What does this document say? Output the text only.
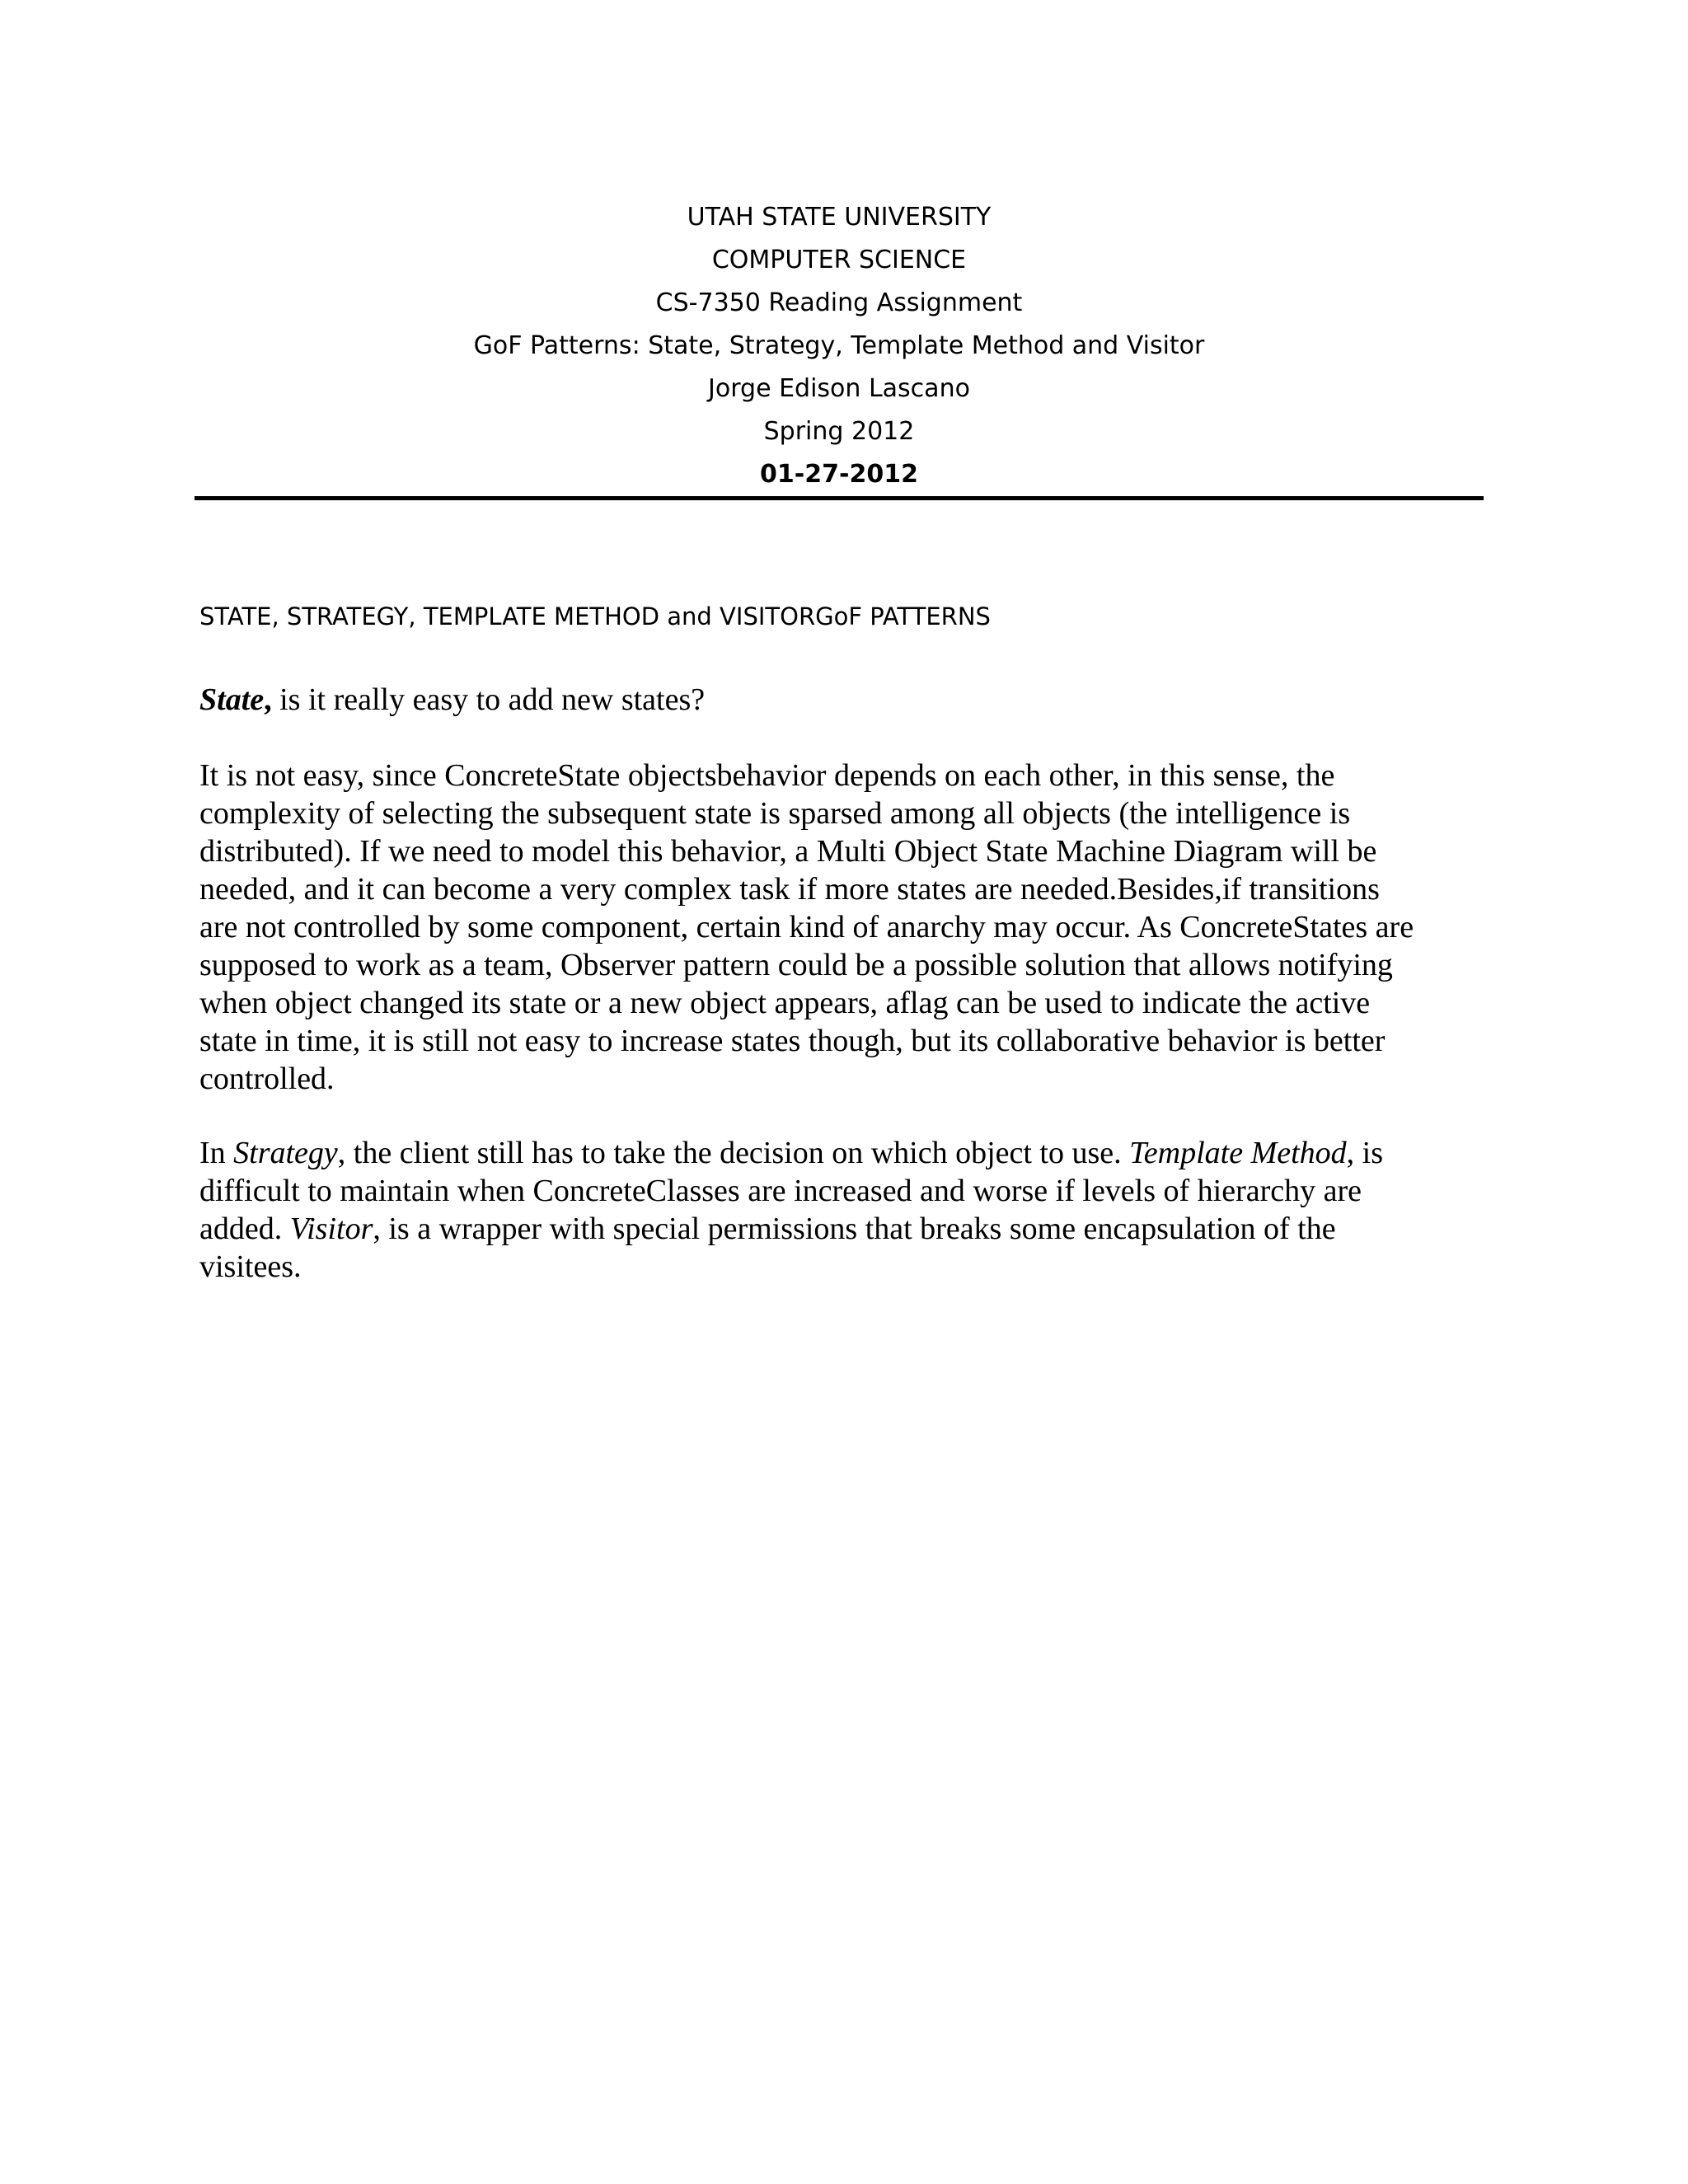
UTAH STATE UNIVERSITY
COMPUTER SCIENCE
CS-7350 Reading Assignment
GoF Patterns: State, Strategy, Template Method and Visitor
Jorge Edison Lascano
Spring 2012
01-27-2012
STATE, STRATEGY, TEMPLATE METHOD and VISITORGoF PATTERNS

State, is it really easy to add new states?

It is not easy, since ConcreteState objectsbehavior depends on each other, in this sense, the
complexity of selecting the subsequent state is sparsed among all objects (the intelligence is
distributed). If we need to model this behavior, a Multi Object State Machine Diagram will be
needed, and it can become a very complex task if more states are needed.Besides,if transitions
are not controlled by some component, certain kind of anarchy may occur. As ConcreteStates are
supposed to work as a team, Observer pattern could be a possible solution that allows notifying
when object changed its state or a new object appears, aflag can be used to indicate the active
state in time, it is still not easy to increase states though, but its collaborative behavior is better
controlled.

In Strategy, the client still has to take the decision on which object to use. Template Method, is
difficult to maintain when ConcreteClasses are increased and worse if levels of hierarchy are
added. Visitor, is a wrapper with special permissions that breaks some encapsulation of the
visitees.
